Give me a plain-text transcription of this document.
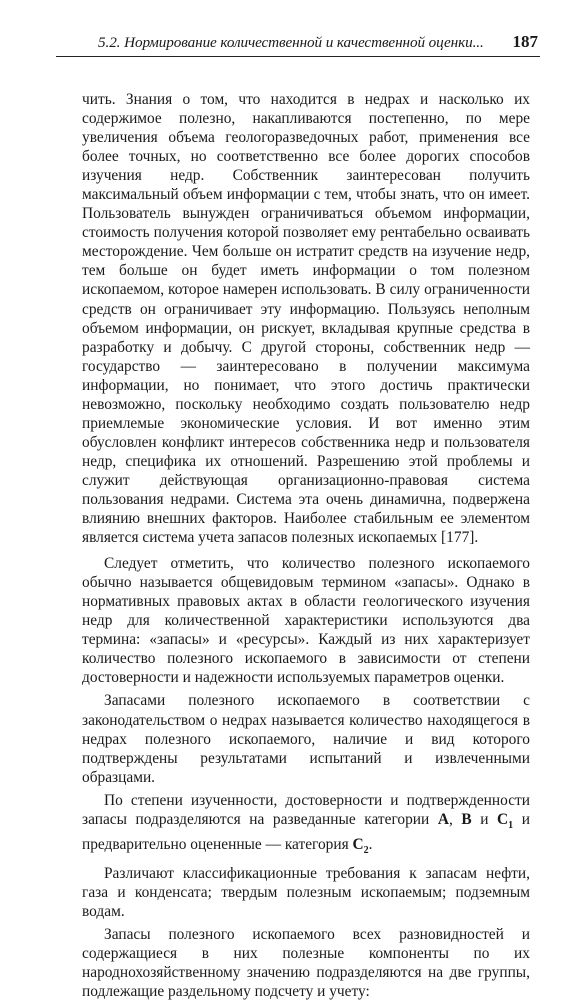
5.2. Нормирование количественной и качественной оценки... 187

чить. Знания о том, что находится в недрах и насколько их содержимое полезно, накапливаются постепенно, по мере увеличения объема геологоразведочных работ, применения все более точных, но соответственно все более дорогих способов изучения недр. Собственник заинтересован получить максимальный объем информации с тем, чтобы знать, что он имеет. Пользователь вынужден ограничиваться объемом информации, стоимость получения которой позволяет ему рентабельно осваивать месторождение. Чем больше он истратит средств на изучение недр, тем больше он будет иметь информации о том полезном ископаемом, которое намерен использовать. В силу ограниченности средств он ограничивает эту информацию. Пользуясь неполным объемом информации, он рискует, вкладывая крупные средства в разработку и добычу. С другой стороны, собственник недр — государство — заинтересовано в получении максимума информации, но понимает, что этого достичь практически невозможно, поскольку необходимо создать пользователю недр приемлемые экономические условия. И вот именно этим обусловлен конфликт интересов собственника недр и пользователя недр, специфика их отношений. Разрешению этой проблемы и служит действующая организационно-правовая система пользования недрами. Система эта очень динамична, подвержена влиянию внешних факторов. Наиболее стабильным ее элементом является система учета запасов полезных ископаемых [177].

Следует отметить, что количество полезного ископаемого обычно называется общевидовым термином «запасы». Однако в нормативных правовых актах в области геологического изучения недр для количественной характеристики используются два термина: «запасы» и «ресурсы». Каждый из них характеризует количество полезного ископаемого в зависимости от степени достоверности и надежности используемых параметров оценки.

Запасами полезного ископаемого в соответствии с законодательством о недрах называется количество находящегося в недрах полезного ископаемого, наличие и вид которого подтверждены результатами испытаний и извлеченными образцами.

По степени изученности, достоверности и подтвержденности запасы подразделяются на разведанные категории А, В и $С_1$ и предварительно оцененные — категория $С_2$.

Различают классификационные требования к запасам нефти, газа и конденсата; твердым полезным ископаемым; подземным водам.

Запасы полезного ископаемого всех разновидностей и содержащиеся в них полезные компоненты по их народнохозяйственному значению подразделяются на две группы, подлежащие раздельному подсчету и учету:
